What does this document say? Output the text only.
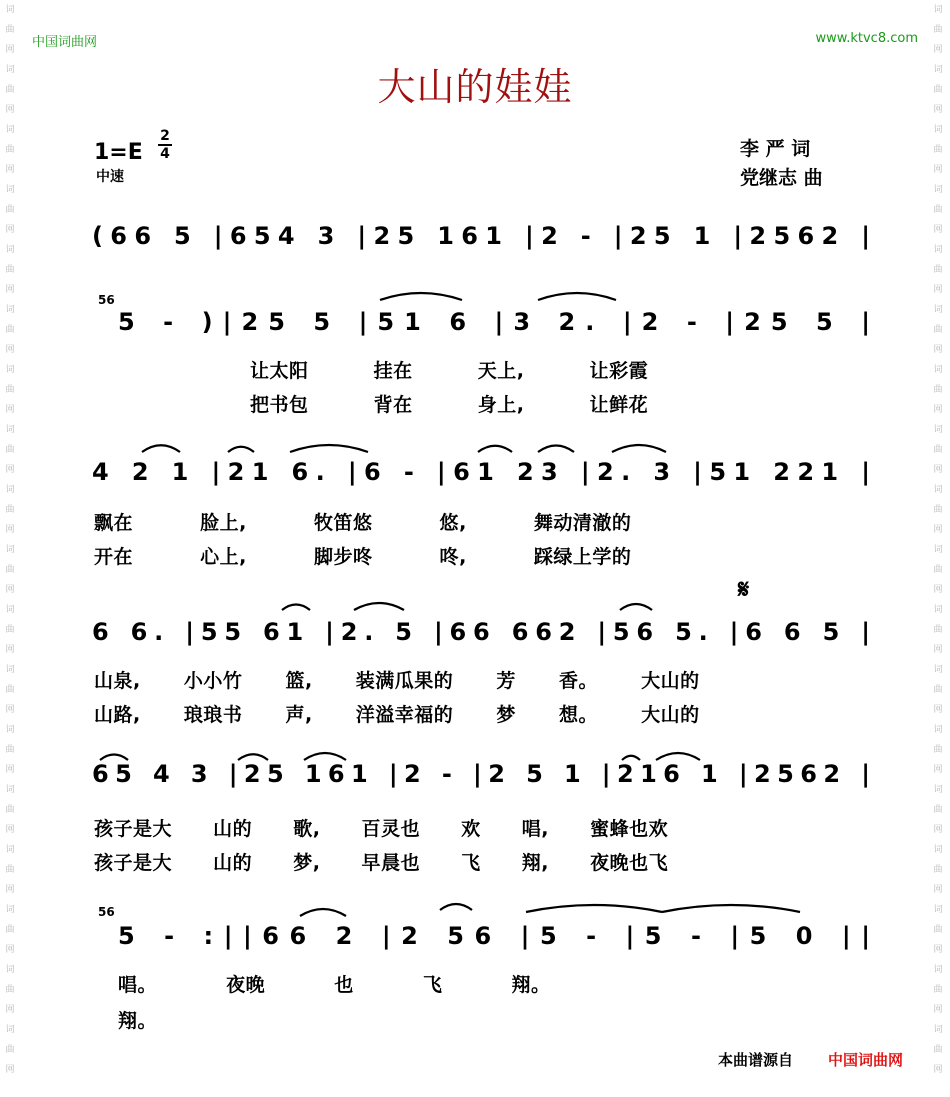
词
曲
网
词
曲
网
词
曲
网
词
曲
网
词
曲
网
词
曲
网
词
曲
网
词
曲
网
词
曲
网
词
曲
网
词
曲
网
词
曲
网
词
曲
网
词
曲
网
词
曲
网
词
曲
网
词
曲
网
词
曲
网
词
曲
网
词
曲
网
词
曲
网
词
曲
网
词
曲
网
词
曲
网
词
曲
网
词
曲
网
词
曲
网
词
曲
网
词
曲
网
词
曲
网
词
曲
网
词
曲
网
词
曲
网
词
曲
网
词
曲
网
词
曲
网
中国词曲网	www.ktvc8.com
大山的娃娃
1=E
2
4
中速
李 严 词
党继志 曲
(66 5 |654 3 |25 161 |2 - |25 1 |2562 |
5 - )|25 5 |51 6 |3 2. |2 - |25 5 |
4 2 1 |21 6. |6 - |61 23 |2. 3 |51 221 |
6 6. |55 61 |2. 5 |66 662 |56 5. |6 6 5 |
65 4 3 |25 161 |2 - |2 5 1 |216 1 |2562 |
5 - :||66 2 |2 56 |5 - |5 - |5 0 ||
56
56
𝄋
让太阳 挂在 天上, 让彩霞
把书包 背在 身上, 让鲜花
飘在 脸上, 牧笛悠 悠, 舞动清澈的
开在 心上, 脚步咚 咚, 踩绿上学的
山泉, 小小竹 篮, 装满瓜果的 芳 香。 大山的
山路, 琅琅书 声, 洋溢幸福的 梦 想。 大山的
孩子是大 山的 歌, 百灵也 欢 唱, 蜜蜂也欢
孩子是大 山的 梦, 早晨也 飞 翔, 夜晚也飞
唱。 夜晚 也 飞 翔。
翔。
本曲谱源自 中国词曲网
